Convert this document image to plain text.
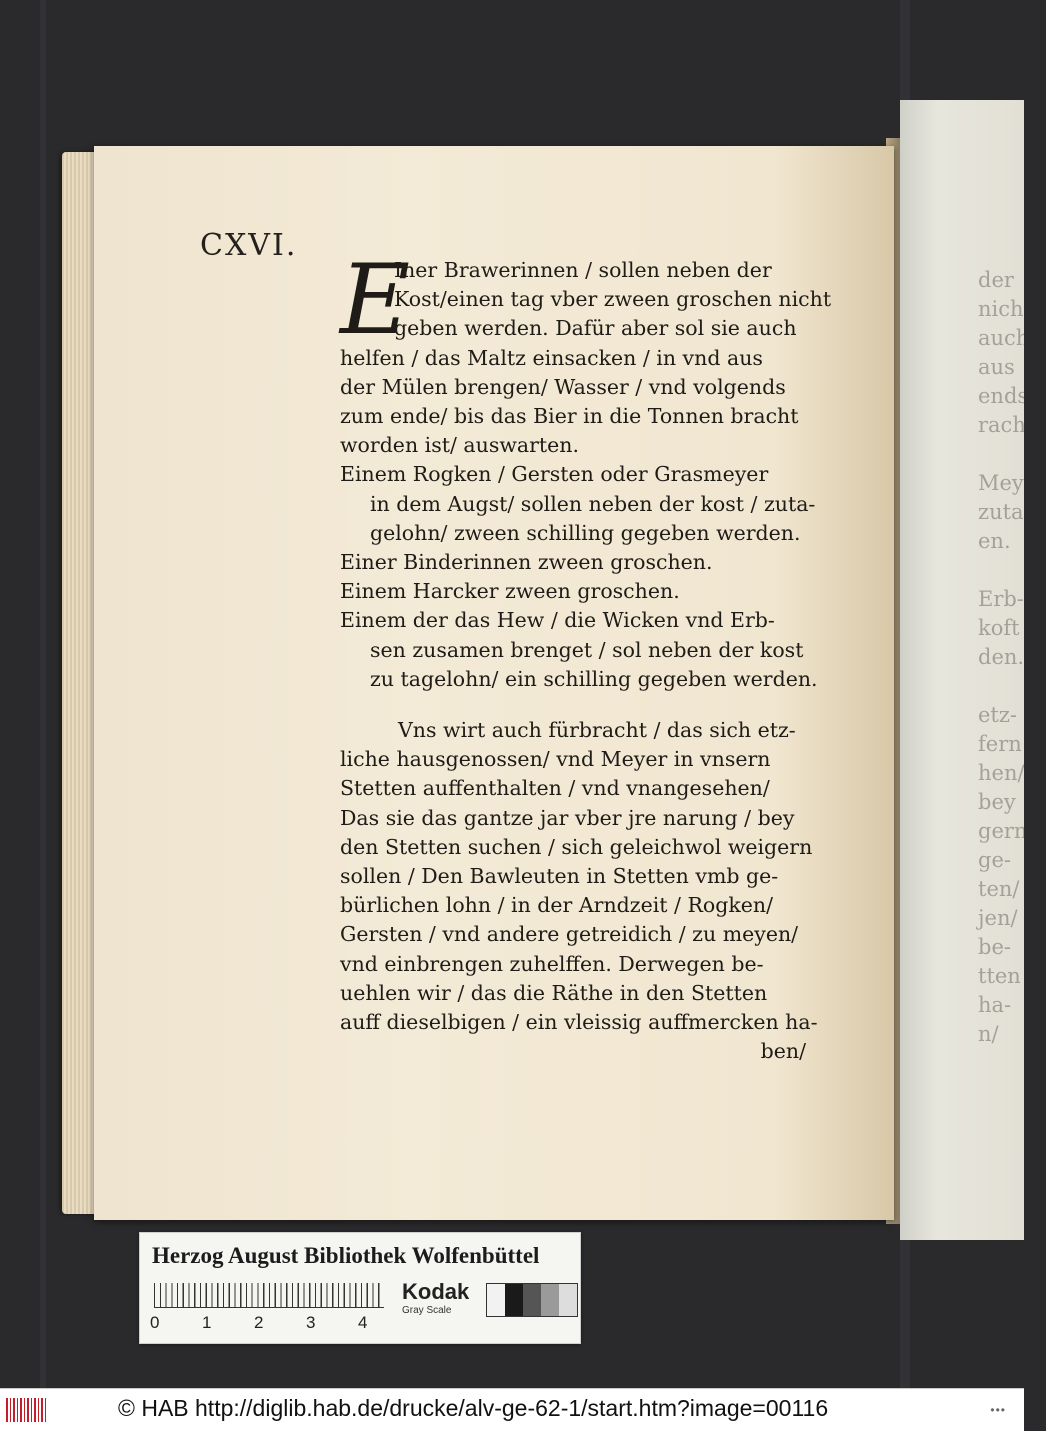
der
nicht
auch
aus
ends
racht
Meyer
zuta-
en.
Erb-
koft
den.
etz-
fern
hen/
bey
gern
ge-
ten/
jen/
be-
tten
ha-
n/
CXVI. E
Iner Brawerinnen / sollen neben der
Kost/einen tag vber zween groschen nicht
geben werden. Dafür aber sol sie auch
helfen / das Maltz einsacken / in vnd aus
der Mülen brengen/ Wasser / vnd volgends
zum ende/ bis das Bier in die Tonnen bracht
worden ist/ auswarten.
Einem Rogken / Gersten oder Grasmeyer
in dem Augst/ sollen neben der kost / zuta-
gelohn/ zween schilling gegeben werden.
Einer Binderinnen zween groschen.
Einem Harcker zween groschen.
Einem der das Hew / die Wicken vnd Erb-
sen zusamen brenget / sol neben der kost
zu tagelohn/ ein schilling gegeben werden.
Vns wirt auch fürbracht / das sich etz-
liche hausgenossen/ vnd Meyer in vnsern
Stetten auffenthalten / vnd vnangesehen/
Das sie das gantze jar vber jre narung / bey
den Stetten suchen / sich geleichwol weigern
sollen / Den Bawleuten in Stetten vmb ge-
bürlichen lohn / in der Arndzeit / Rogken/
Gersten / vnd andere getreidich / zu meyen/
vnd einbrengen zuhelffen. Derwegen be-
uehlen wir / das die Räthe in den Stetten
auff dieselbigen / ein vleissig auffmercken ha-
ben/
Herzog August Bibliothek Wolfenbüttel
0	1	2	3	4
Kodak
Gray Scale
© HAB http://diglib.hab.de/drucke/alv-ge-62-1/start.htm?image=00116	•••
